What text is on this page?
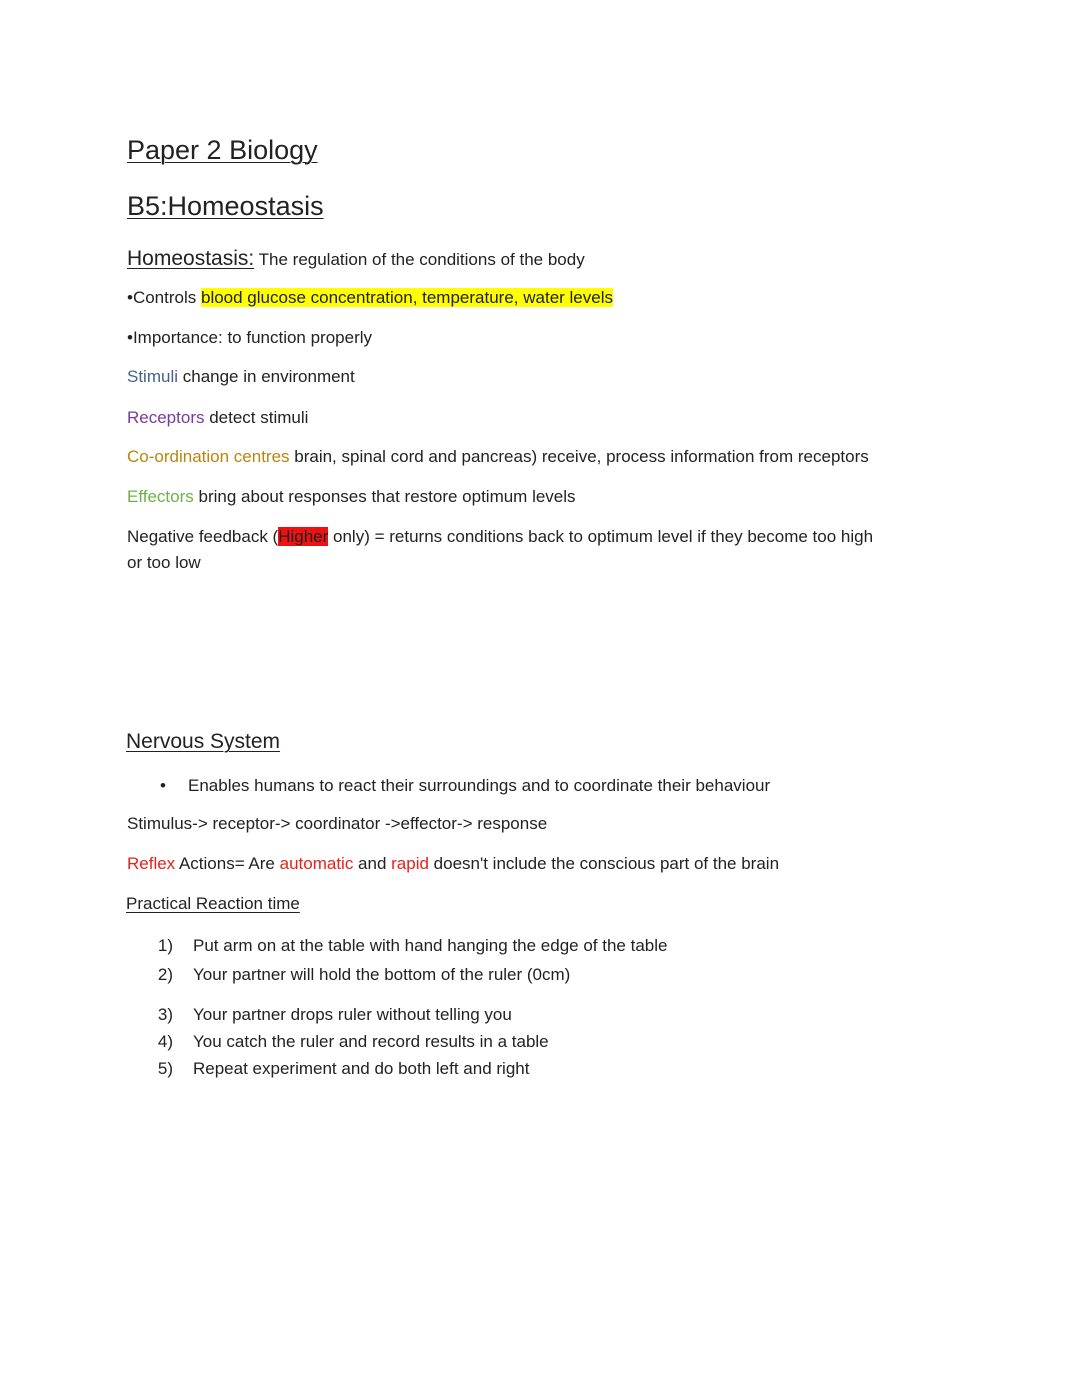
Paper 2 Biology
B5:Homeostasis
Homeostasis: The regulation of the conditions of the body
•Controls blood glucose concentration, temperature, water levels
•Importance: to function properly
Stimuli change in environment
Receptors detect stimuli
Co-ordination centres brain, spinal cord and pancreas) receive, process information from receptors
Effectors bring about responses that restore optimum levels
Negative feedback (Higher only) = returns conditions back to optimum level if they become too high
or too low
Nervous System
• Enables humans to react their surroundings and to coordinate their behaviour
Stimulus-> receptor-> coordinator ->effector-> response
Reflex Actions= Are automatic and rapid doesn't include the conscious part of the brain
Practical Reaction time
1) Put arm on at the table with hand hanging the edge of the table
2) Your partner will hold the bottom of the ruler (0cm)
3) Your partner drops ruler without telling you
4) You catch the ruler and record results in a table
5) Repeat experiment and do both left and right
